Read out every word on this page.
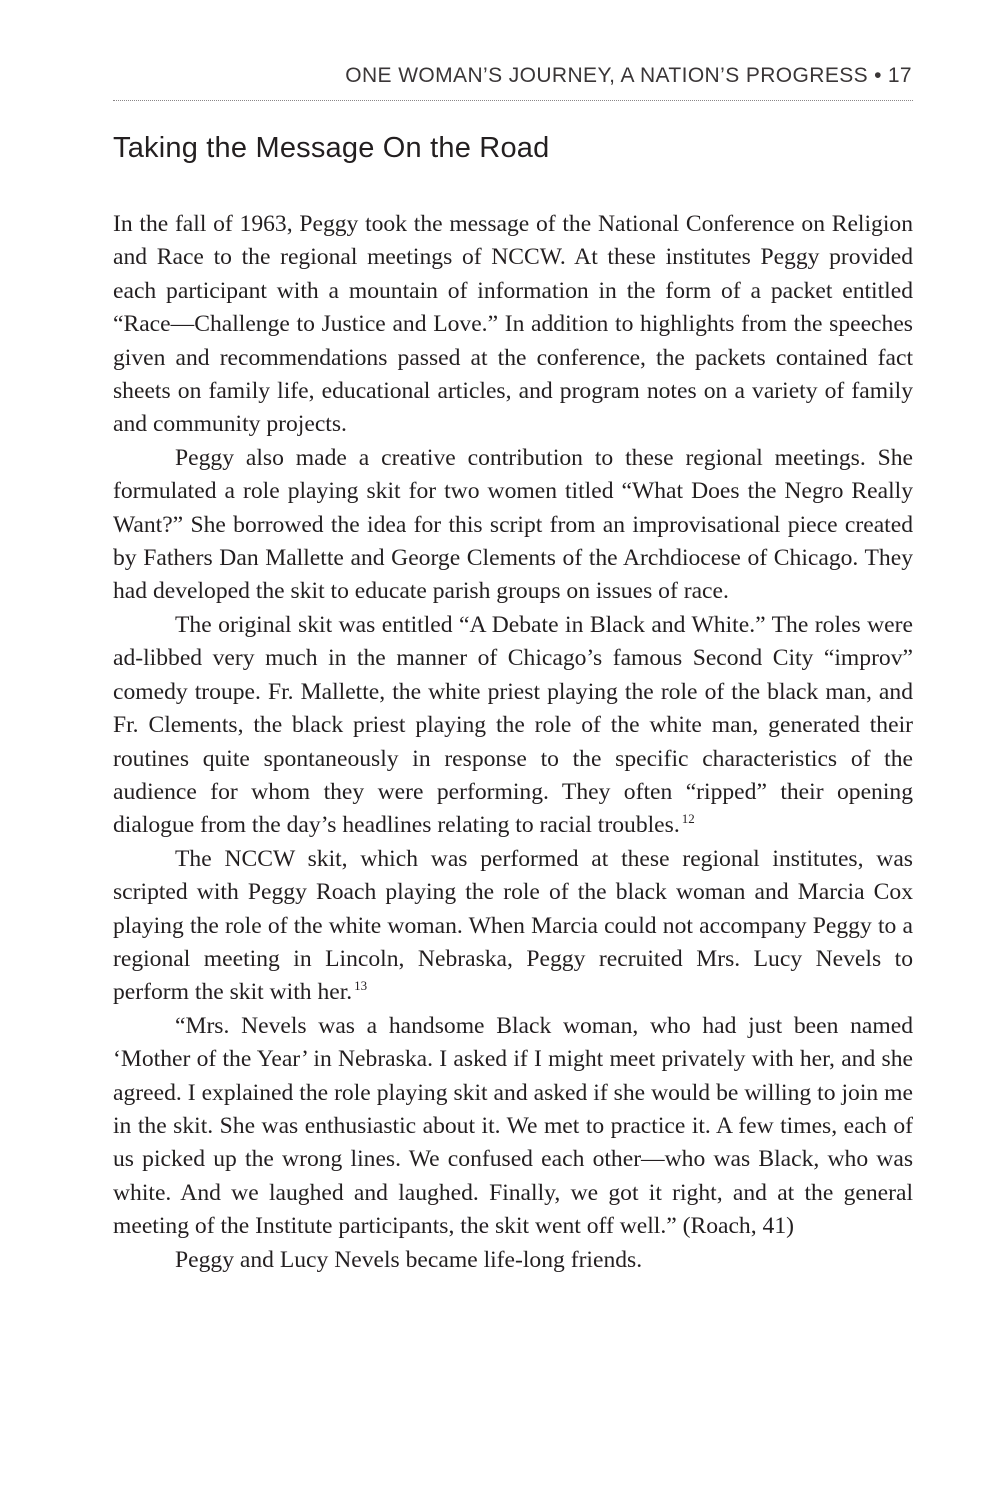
ONE WOMAN’S JOURNEY, A NATION’S PROGRESS • 17
Taking the Message On the Road

In the fall of 1963, Peggy took the message of the National Conference on Religion and Race to the regional meetings of NCCW. At these institutes Peggy provided each participant with a mountain of information in the form of a packet entitled “Race—Challenge to Justice and Love.” In addition to highlights from the speeches given and recommendations passed at the conference, the packets contained fact sheets on family life, educational articles, and program notes on a variety of family and community projects.

Peggy also made a creative contribution to these regional meetings. She formulated a role playing skit for two women titled “What Does the Negro Really Want?” She borrowed the idea for this script from an improvisational piece created by Fathers Dan Mallette and George Clements of the Archdiocese of Chicago. They had developed the skit to educate parish groups on issues of race.

The original skit was entitled “A Debate in Black and White.” The roles were ad-libbed very much in the manner of Chicago’s famous Second City “improv” comedy troupe. Fr. Mallette, the white priest playing the role of the black man, and Fr. Clements, the black priest playing the role of the white man, generated their routines quite spontaneously in response to the specific characteristics of the audience for whom they were performing. They often “ripped” their opening dialogue from the day’s headlines relating to racial troubles. $^{12}$

The NCCW skit, which was performed at these regional institutes, was scripted with Peggy Roach playing the role of the black woman and Marcia Cox playing the role of the white woman. When Marcia could not accompany Peggy to a regional meeting in Lincoln, Nebraska, Peggy recruited Mrs. Lucy Nevels to perform the skit with her. $^{13}$

“Mrs. Nevels was a handsome Black woman, who had just been named ‘Mother of the Year’ in Nebraska. I asked if I might meet privately with her, and she agreed. I explained the role playing skit and asked if she would be willing to join me in the skit. She was enthusiastic about it. We met to practice it. A few times, each of us picked up the wrong lines. We confused each other—who was Black, who was white. And we laughed and laughed. Finally, we got it right, and at the general meeting of the Institute participants, the skit went off well.” (Roach, 41)

Peggy and Lucy Nevels became life-long friends.
